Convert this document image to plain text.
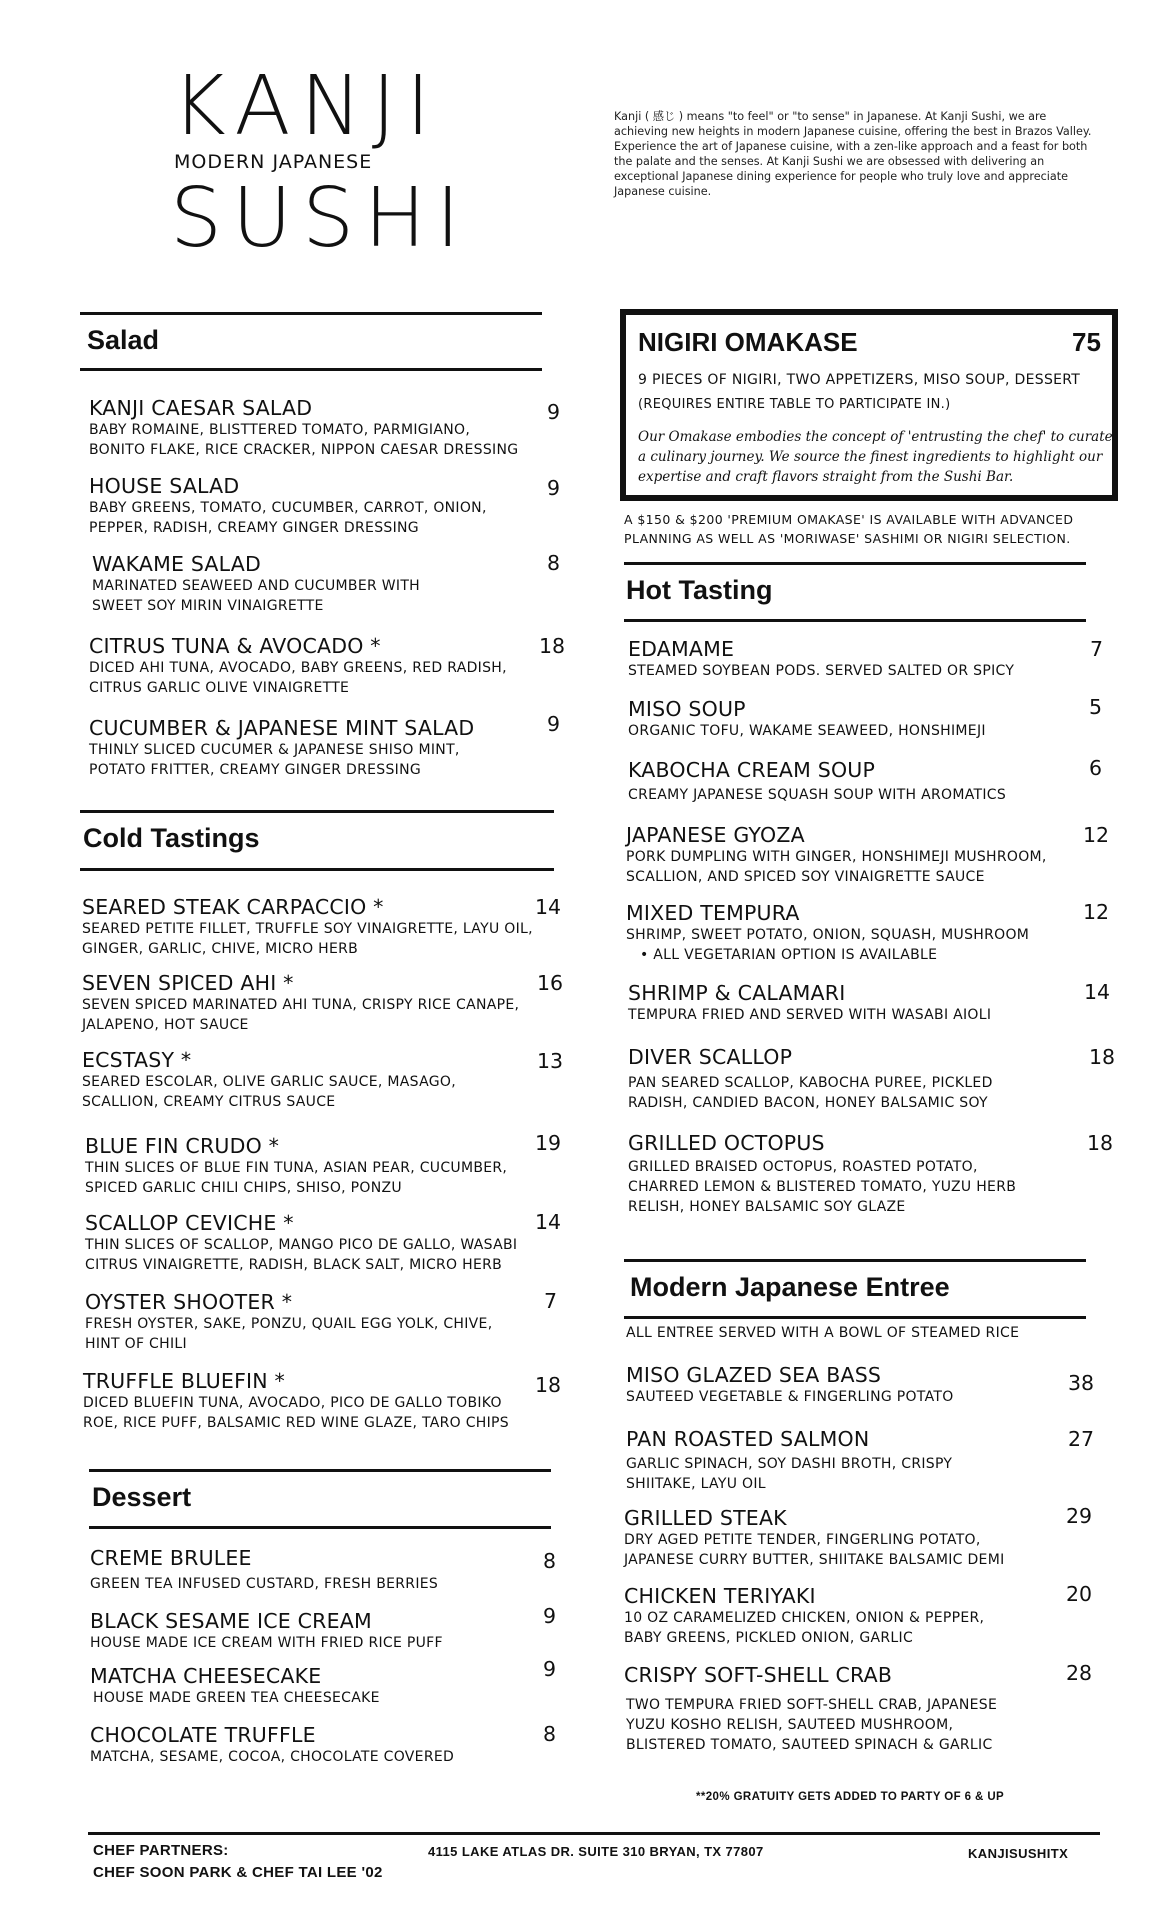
KANJI
MODERN JAPANESE
SUSHI
Kanji ( 感じ ) means "to feel" or "to sense" in Japanese. At Kanji Sushi, we are achieving new heights in modern Japanese cuisine, offering the best in Brazos Valley. Experience the art of Japanese cuisine, with a zen-like approach and a feast for both the palate and the senses. At Kanji Sushi we are obsessed with delivering an exceptional Japanese dining experience for people who truly love and appreciate Japanese cuisine.
Salad
KANJI CAESAR SALAD
BABY ROMAINE, BLISTTERED TOMATO, PARMIGIANO,
BONITO FLAKE, RICE CRACKER, NIPPON CAESAR DRESSING
9
HOUSE SALAD
BABY GREENS, TOMATO, CUCUMBER, CARROT, ONION,
PEPPER, RADISH, CREAMY GINGER DRESSING
9
WAKAME SALAD
MARINATED SEAWEED AND CUCUMBER WITH
SWEET SOY MIRIN VINAIGRETTE
8
CITRUS TUNA & AVOCADO *
DICED AHI TUNA, AVOCADO, BABY GREENS, RED RADISH,
CITRUS GARLIC OLIVE VINAIGRETTE
18
CUCUMBER & JAPANESE MINT SALAD
THINLY SLICED CUCUMER & JAPANESE SHISO MINT,
POTATO FRITTER, CREAMY GINGER DRESSING
9
Cold Tastings
SEARED STEAK CARPACCIO *
SEARED PETITE FILLET, TRUFFLE SOY VINAIGRETTE, LAYU OIL,
GINGER, GARLIC, CHIVE, MICRO HERB
14
SEVEN SPICED AHI *
SEVEN SPICED MARINATED AHI TUNA, CRISPY RICE CANAPE,
JALAPENO, HOT SAUCE
16
ECSTASY *
SEARED ESCOLAR, OLIVE GARLIC SAUCE, MASAGO,
SCALLION, CREAMY CITRUS SAUCE
13
BLUE FIN CRUDO *
THIN SLICES OF BLUE FIN TUNA, ASIAN PEAR, CUCUMBER,
SPICED GARLIC CHILI CHIPS, SHISO, PONZU
19
SCALLOP CEVICHE *
THIN SLICES OF SCALLOP, MANGO PICO DE GALLO, WASABI
CITRUS VINAIGRETTE, RADISH, BLACK SALT, MICRO HERB
14
OYSTER SHOOTER *
FRESH OYSTER, SAKE, PONZU, QUAIL EGG YOLK, CHIVE,
HINT OF CHILI
7
TRUFFLE BLUEFIN *
DICED BLUEFIN TUNA, AVOCADO, PICO DE GALLO TOBIKO
ROE, RICE PUFF, BALSAMIC RED WINE GLAZE, TARO CHIPS
18
Dessert
CREME BRULEE
GREEN TEA INFUSED CUSTARD, FRESH BERRIES
8
BLACK SESAME ICE CREAM
HOUSE MADE ICE CREAM WITH FRIED RICE PUFF
9
MATCHA CHEESECAKE
HOUSE MADE GREEN TEA CHEESECAKE
9
CHOCOLATE TRUFFLE
MATCHA, SESAME, COCOA, CHOCOLATE COVERED
8
NIGIRI OMAKASE	75
9 PIECES OF NIGIRI, TWO APPETIZERS, MISO SOUP, DESSERT
(REQUIRES ENTIRE TABLE TO PARTICIPATE IN.)
Our Omakase embodies the concept of 'entrusting the chef' to curate
a culinary journey. We source the finest ingredients to highlight our
expertise and craft flavors straight from the Sushi Bar.
A $150 & $200 'PREMIUM OMAKASE' IS AVAILABLE WITH ADVANCED
PLANNING AS WELL AS 'MORIWASE' SASHIMI OR NIGIRI SELECTION.
Hot Tasting
EDAMAME
STEAMED SOYBEAN PODS. SERVED SALTED OR SPICY
7
MISO SOUP
ORGANIC TOFU, WAKAME SEAWEED, HONSHIMEJI
5
KABOCHA CREAM SOUP
CREAMY JAPANESE SQUASH SOUP WITH AROMATICS
6
JAPANESE GYOZA
PORK DUMPLING WITH GINGER, HONSHIMEJI MUSHROOM,
SCALLION, AND SPICED SOY VINAIGRETTE SAUCE
12
MIXED TEMPURA
SHRIMP, SWEET POTATO, ONION, SQUASH, MUSHROOM
• ALL VEGETARIAN OPTION IS AVAILABLE
12
SHRIMP & CALAMARI
TEMPURA FRIED AND SERVED WITH WASABI AIOLI
14
DIVER SCALLOP
PAN SEARED SCALLOP, KABOCHA PUREE, PICKLED
RADISH, CANDIED BACON, HONEY BALSAMIC SOY
18
GRILLED OCTOPUS
GRILLED BRAISED OCTOPUS, ROASTED POTATO,
CHARRED LEMON & BLISTERED TOMATO, YUZU HERB
RELISH, HONEY BALSAMIC SOY GLAZE
18
Modern Japanese Entree
ALL ENTREE SERVED WITH A BOWL OF STEAMED RICE
MISO GLAZED SEA BASS
SAUTEED VEGETABLE & FINGERLING POTATO
38
PAN ROASTED SALMON
GARLIC SPINACH, SOY DASHI BROTH, CRISPY
SHIITAKE, LAYU OIL
27
GRILLED STEAK
DRY AGED PETITE TENDER, FINGERLING POTATO,
JAPANESE CURRY BUTTER, SHIITAKE BALSAMIC DEMI
29
CHICKEN TERIYAKI
10 OZ CARAMELIZED CHICKEN, ONION & PEPPER,
BABY GREENS, PICKLED ONION, GARLIC
20
CRISPY SOFT-SHELL CRAB
TWO TEMPURA FRIED SOFT-SHELL CRAB, JAPANESE
YUZU KOSHO RELISH, SAUTEED MUSHROOM,
BLISTERED TOMATO, SAUTEED SPINACH & GARLIC
28
**20% GRATUITY GETS ADDED TO PARTY OF 6 & UP
CHEF PARTNERS:
CHEF SOON PARK & CHEF TAI LEE '02
4115 LAKE ATLAS DR. SUITE 310 BRYAN, TX 77807	KANJISUSHITX
